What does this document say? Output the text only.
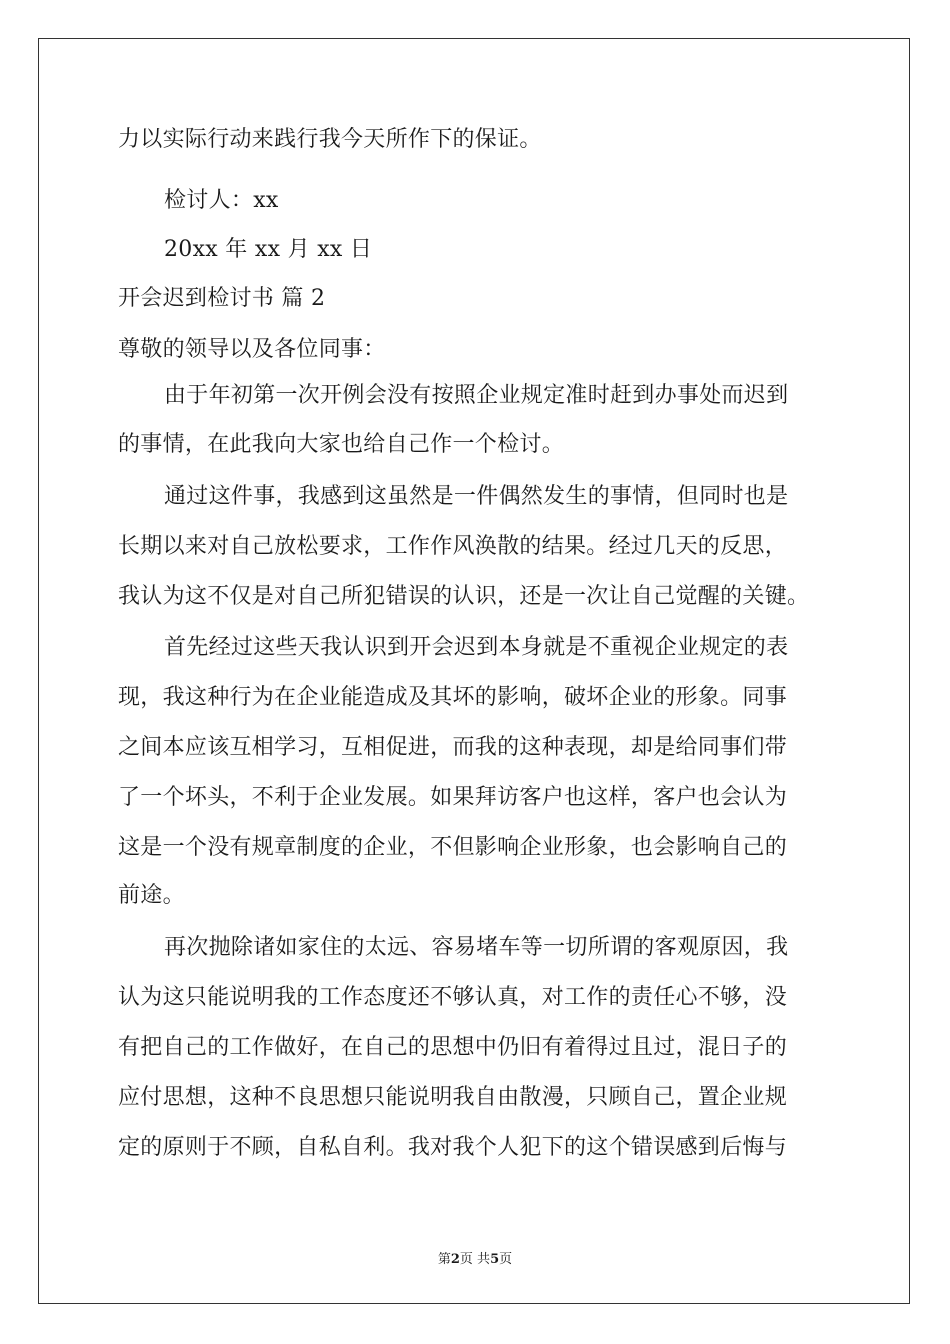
力以实际行动来践行我今天所作下的保证。
检讨人：xx
20xx 年 xx 月 xx 日
开会迟到检讨书 篇 2
尊敬的领导以及各位同事：
由于年初第一次开例会没有按照企业规定准时赶到办事处而迟到
的事情，在此我向大家也给自己作一个检讨。
通过这件事，我感到这虽然是一件偶然发生的事情，但同时也是
长期以来对自己放松要求，工作作风涣散的结果。经过几天的反思，
我认为这不仅是对自己所犯错误的认识，还是一次让自己觉醒的关键。
首先经过这些天我认识到开会迟到本身就是不重视企业规定的表
现，我这种行为在企业能造成及其坏的影响，破坏企业的形象。同事
之间本应该互相学习，互相促进，而我的这种表现，却是给同事们带
了一个坏头，不利于企业发展。如果拜访客户也这样，客户也会认为
这是一个没有规章制度的企业，不但影响企业形象，也会影响自己的
前途。
再次抛除诸如家住的太远、容易堵车等一切所谓的客观原因，我
认为这只能说明我的工作态度还不够认真，对工作的责任心不够，没
有把自己的工作做好，在自己的思想中仍旧有着得过且过，混日子的
应付思想，这种不良思想只能说明我自由散漫，只顾自己，置企业规
定的原则于不顾，自私自利。我对我个人犯下的这个错误感到后悔与
第2页 共5页
